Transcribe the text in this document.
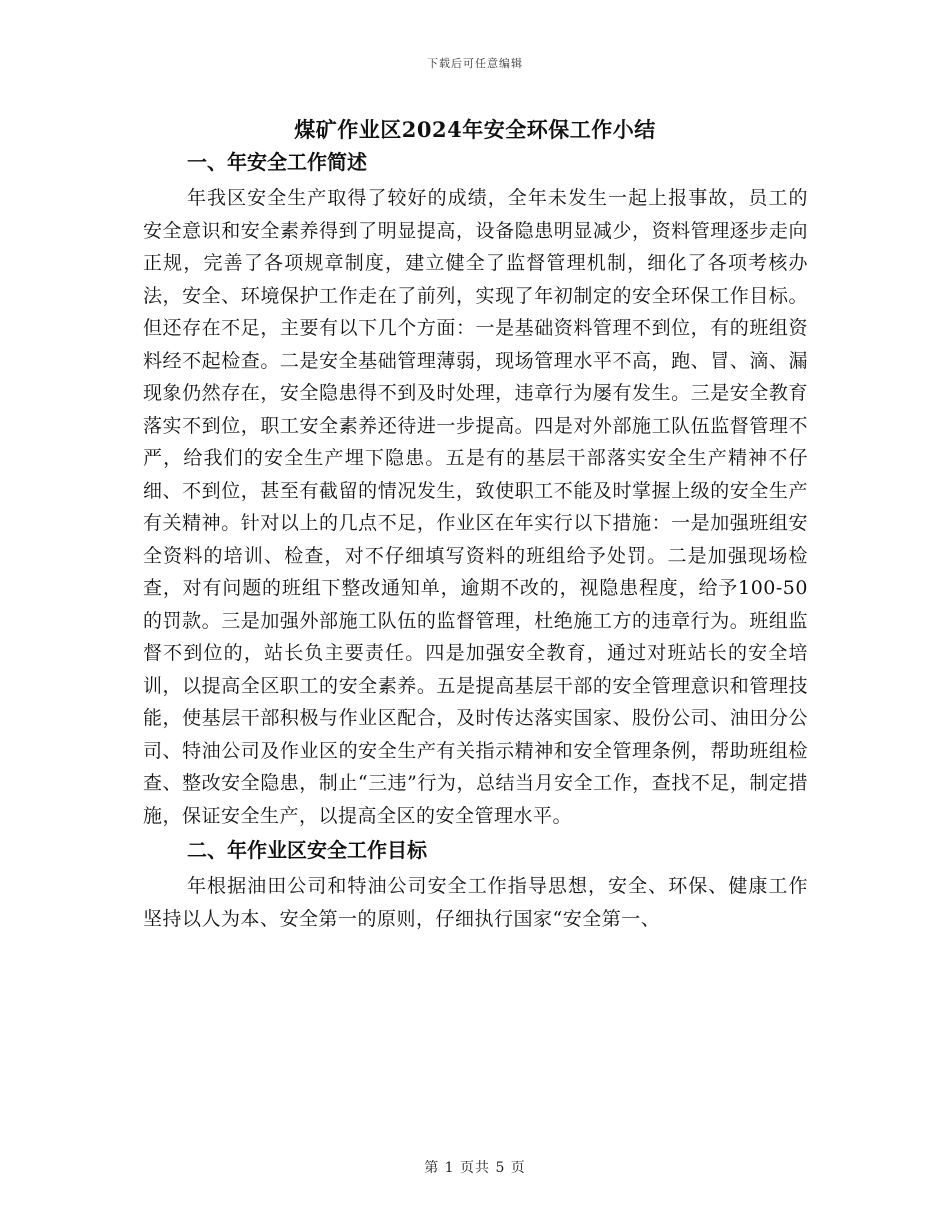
下载后可任意编辑
煤矿作业区2024年安全环保工作小结
一、年安全工作简述

年我区安全生产取得了较好的成绩，全年未发生一起上报事故，员工的安全意识和安全素养得到了明显提高，设备隐患明显减少，资料管理逐步走向正规，完善了各项规章制度，建立健全了监督管理机制，细化了各项考核办法，安全、环境保护工作走在了前列，实现了年初制定的安全环保工作目标。但还存在不足，主要有以下几个方面：一是基础资料管理不到位，有的班组资料经不起检查。二是安全基础管理薄弱，现场管理水平不高，跑、冒、滴、漏现象仍然存在，安全隐患得不到及时处理，违章行为屡有发生。三是安全教育落实不到位，职工安全素养还待进一步提高。四是对外部施工队伍监督管理不严，给我们的安全生产埋下隐患。五是有的基层干部落实安全生产精神不仔细、不到位，甚至有截留的情况发生，致使职工不能及时掌握上级的安全生产有关精神。针对以上的几点不足，作业区在年实行以下措施：一是加强班组安全资料的培训、检查，对不仔细填写资料的班组给予处罚。二是加强现场检查，对有问题的班组下整改通知单，逾期不改的，视隐患程度，给予100-50的罚款。三是加强外部施工队伍的监督管理，杜绝施工方的违章行为。班组监督不到位的，站长负主要责任。四是加强安全教育，通过对班站长的安全培训，以提高全区职工的安全素养。五是提高基层干部的安全管理意识和管理技能，使基层干部积极与作业区配合，及时传达落实国家、股份公司、油田分公司、特油公司及作业区的安全生产有关指示精神和安全管理条例，帮助班组检查、整改安全隐患，制止“三违”行为，总结当月安全工作，查找不足，制定措施，保证安全生产，以提高全区的安全管理水平。

二、年作业区安全工作目标

年根据油田公司和特油公司安全工作指导思想，安全、环保、健康工作坚持以人为本、安全第一的原则，仔细执行国家“安全第一、

第 1 页共 5 页
